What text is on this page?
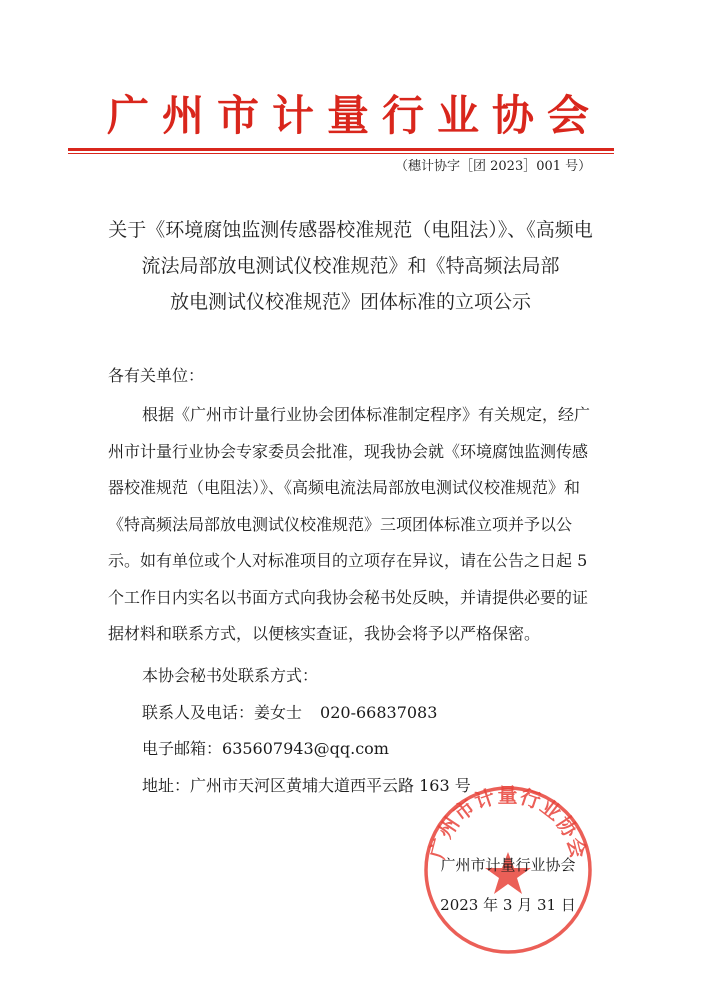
广州市计量行业协会
（穗计协字［团 2023］001 号）
关于《环境腐蚀监测传感器校准规范（电阻法）》、《高频电
流法局部放电测试仪校准规范》和《特高频法局部
放电测试仪校准规范》团体标准的立项公示
各有关单位：
根据《广州市计量行业协会团体标准制定程序》有关规定，经广
州市计量行业协会专家委员会批准，现我协会就《环境腐蚀监测传感
器校准规范（电阻法）》、《高频电流法局部放电测试仪校准规范》和
《特高频法局部放电测试仪校准规范》三项团体标准立项并予以公
示。如有单位或个人对标准项目的立项存在异议，请在公告之日起 5
个工作日内实名以书面方式向我协会秘书处反映，并请提供必要的证
据材料和联系方式，以便核实查证，我协会将予以严格保密。
本协会秘书处联系方式：
联系人及电话：姜女士 020-66837083
电子邮箱：635607943@qq.com
地址：广州市天河区黄埔大道西平云路 163 号
广州市计量行业协会
广州市计量行业协会
2023 年 3 月 31 日
